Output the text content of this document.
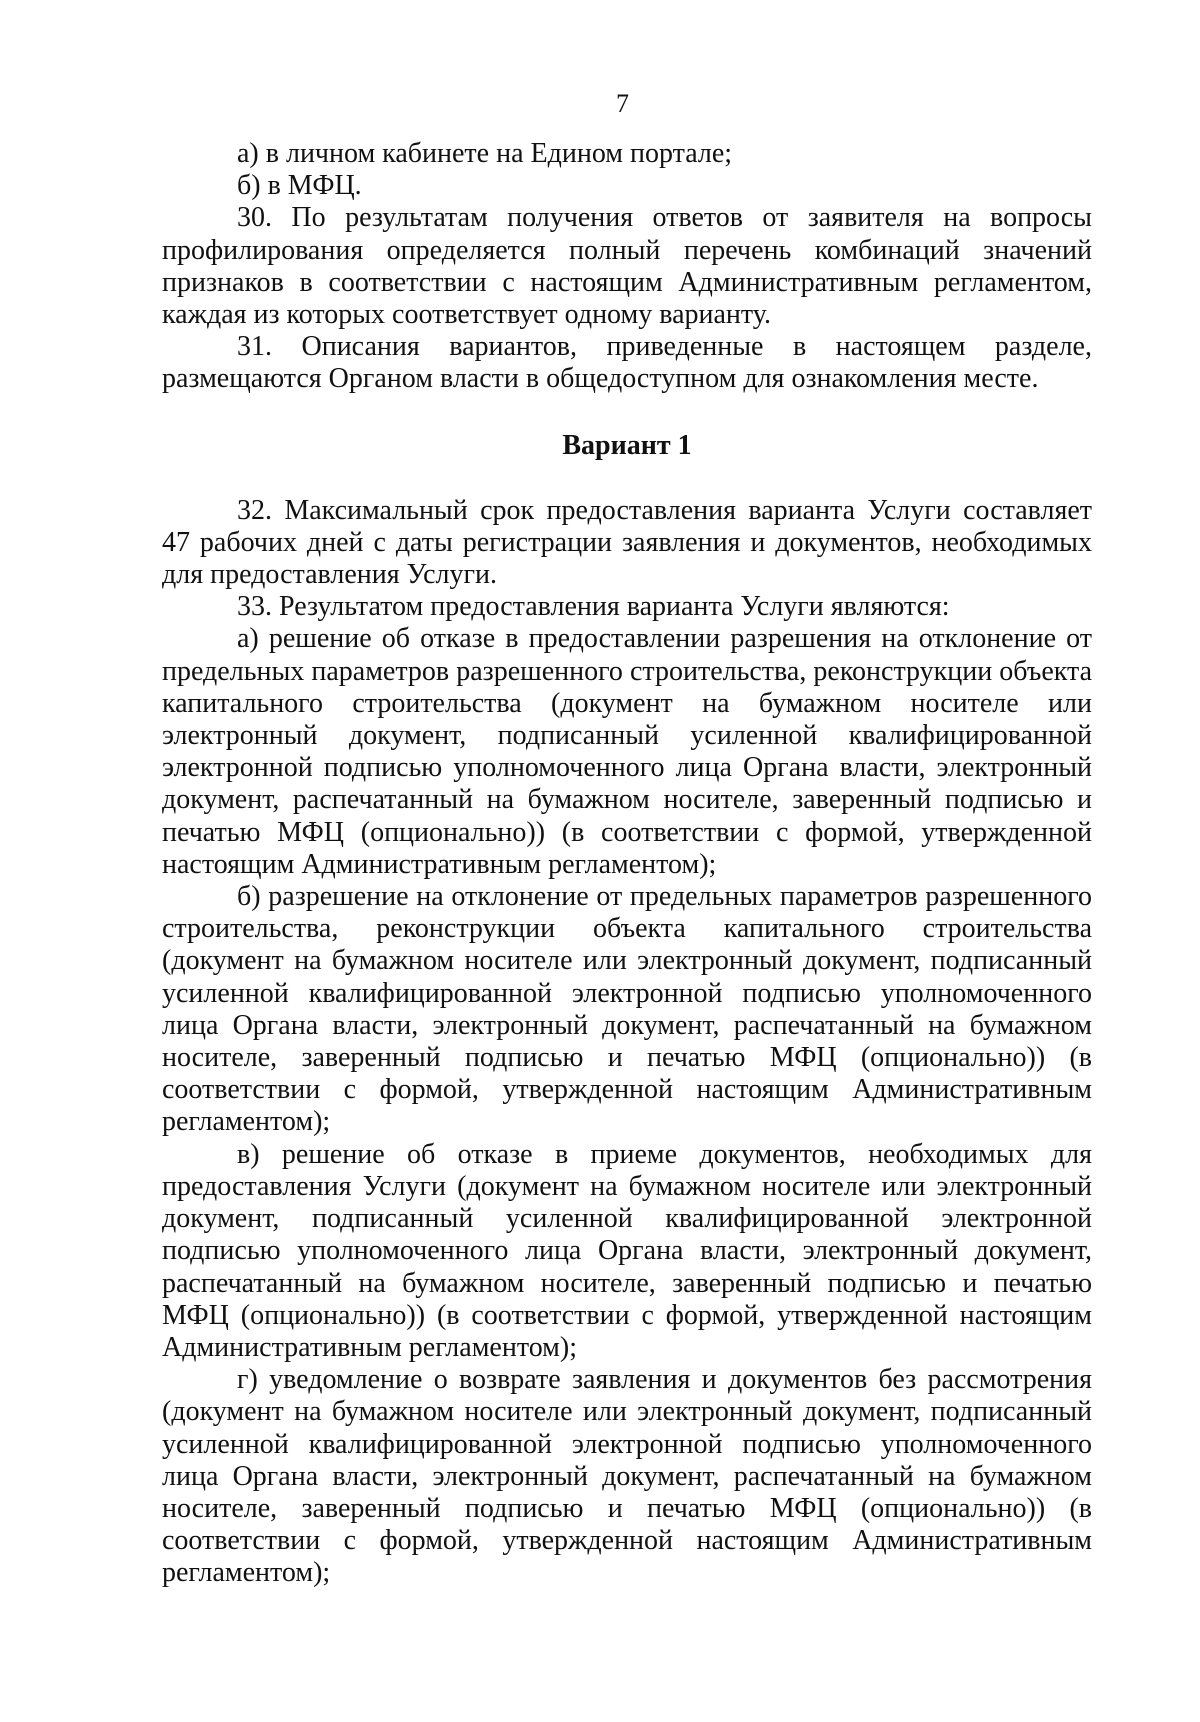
7

а) в личном кабинете на Едином портале;

б) в МФЦ.

30. По результатам получения ответов от заявителя на вопросы профилирования определяется полный перечень комбинаций значений признаков в соответствии с настоящим Административным регламентом, каждая из которых соответствует одному варианту.

31. Описания вариантов, приведенные в настоящем разделе, размещаются Органом власти в общедоступном для ознакомления месте.

Вариант 1

32. Максимальный срок предоставления варианта Услуги составляет 47 рабочих дней с даты регистрации заявления и документов, необходимых для предоставления Услуги.

33. Результатом предоставления варианта Услуги являются:

а) решение об отказе в предоставлении разрешения на отклонение от предельных параметров разрешенного строительства, реконструкции объекта капитального строительства (документ на бумажном носителе или электронный документ, подписанный усиленной квалифицированной электронной подписью уполномоченного лица Органа власти, электронный документ, распечатанный на бумажном носителе, заверенный подписью и печатью МФЦ (опционально)) (в соответствии с формой, утвержденной настоящим Административным регламентом);

б) разрешение на отклонение от предельных параметров разрешенного строительства, реконструкции объекта капитального строительства (документ на бумажном носителе или электронный документ, подписанный усиленной квалифицированной электронной подписью уполномоченного лица Органа власти, электронный документ, распечатанный на бумажном носителе, заверенный подписью и печатью МФЦ (опционально)) (в соответствии с формой, утвержденной настоящим Административным регламентом);

в) решение об отказе в приеме документов, необходимых для предоставления Услуги (документ на бумажном носителе или электронный документ, подписанный усиленной квалифицированной электронной подписью уполномоченного лица Органа власти, электронный документ, распечатанный на бумажном носителе, заверенный подписью и печатью МФЦ (опционально)) (в соответствии с формой, утвержденной настоящим Административным регламентом);

г) уведомление о возврате заявления и документов без рассмотрения (документ на бумажном носителе или электронный документ, подписанный усиленной квалифицированной электронной подписью уполномоченного лица Органа власти, электронный документ, распечатанный на бумажном носителе, заверенный подписью и печатью МФЦ (опционально)) (в соответствии с формой, утвержденной настоящим Административным регламентом);
